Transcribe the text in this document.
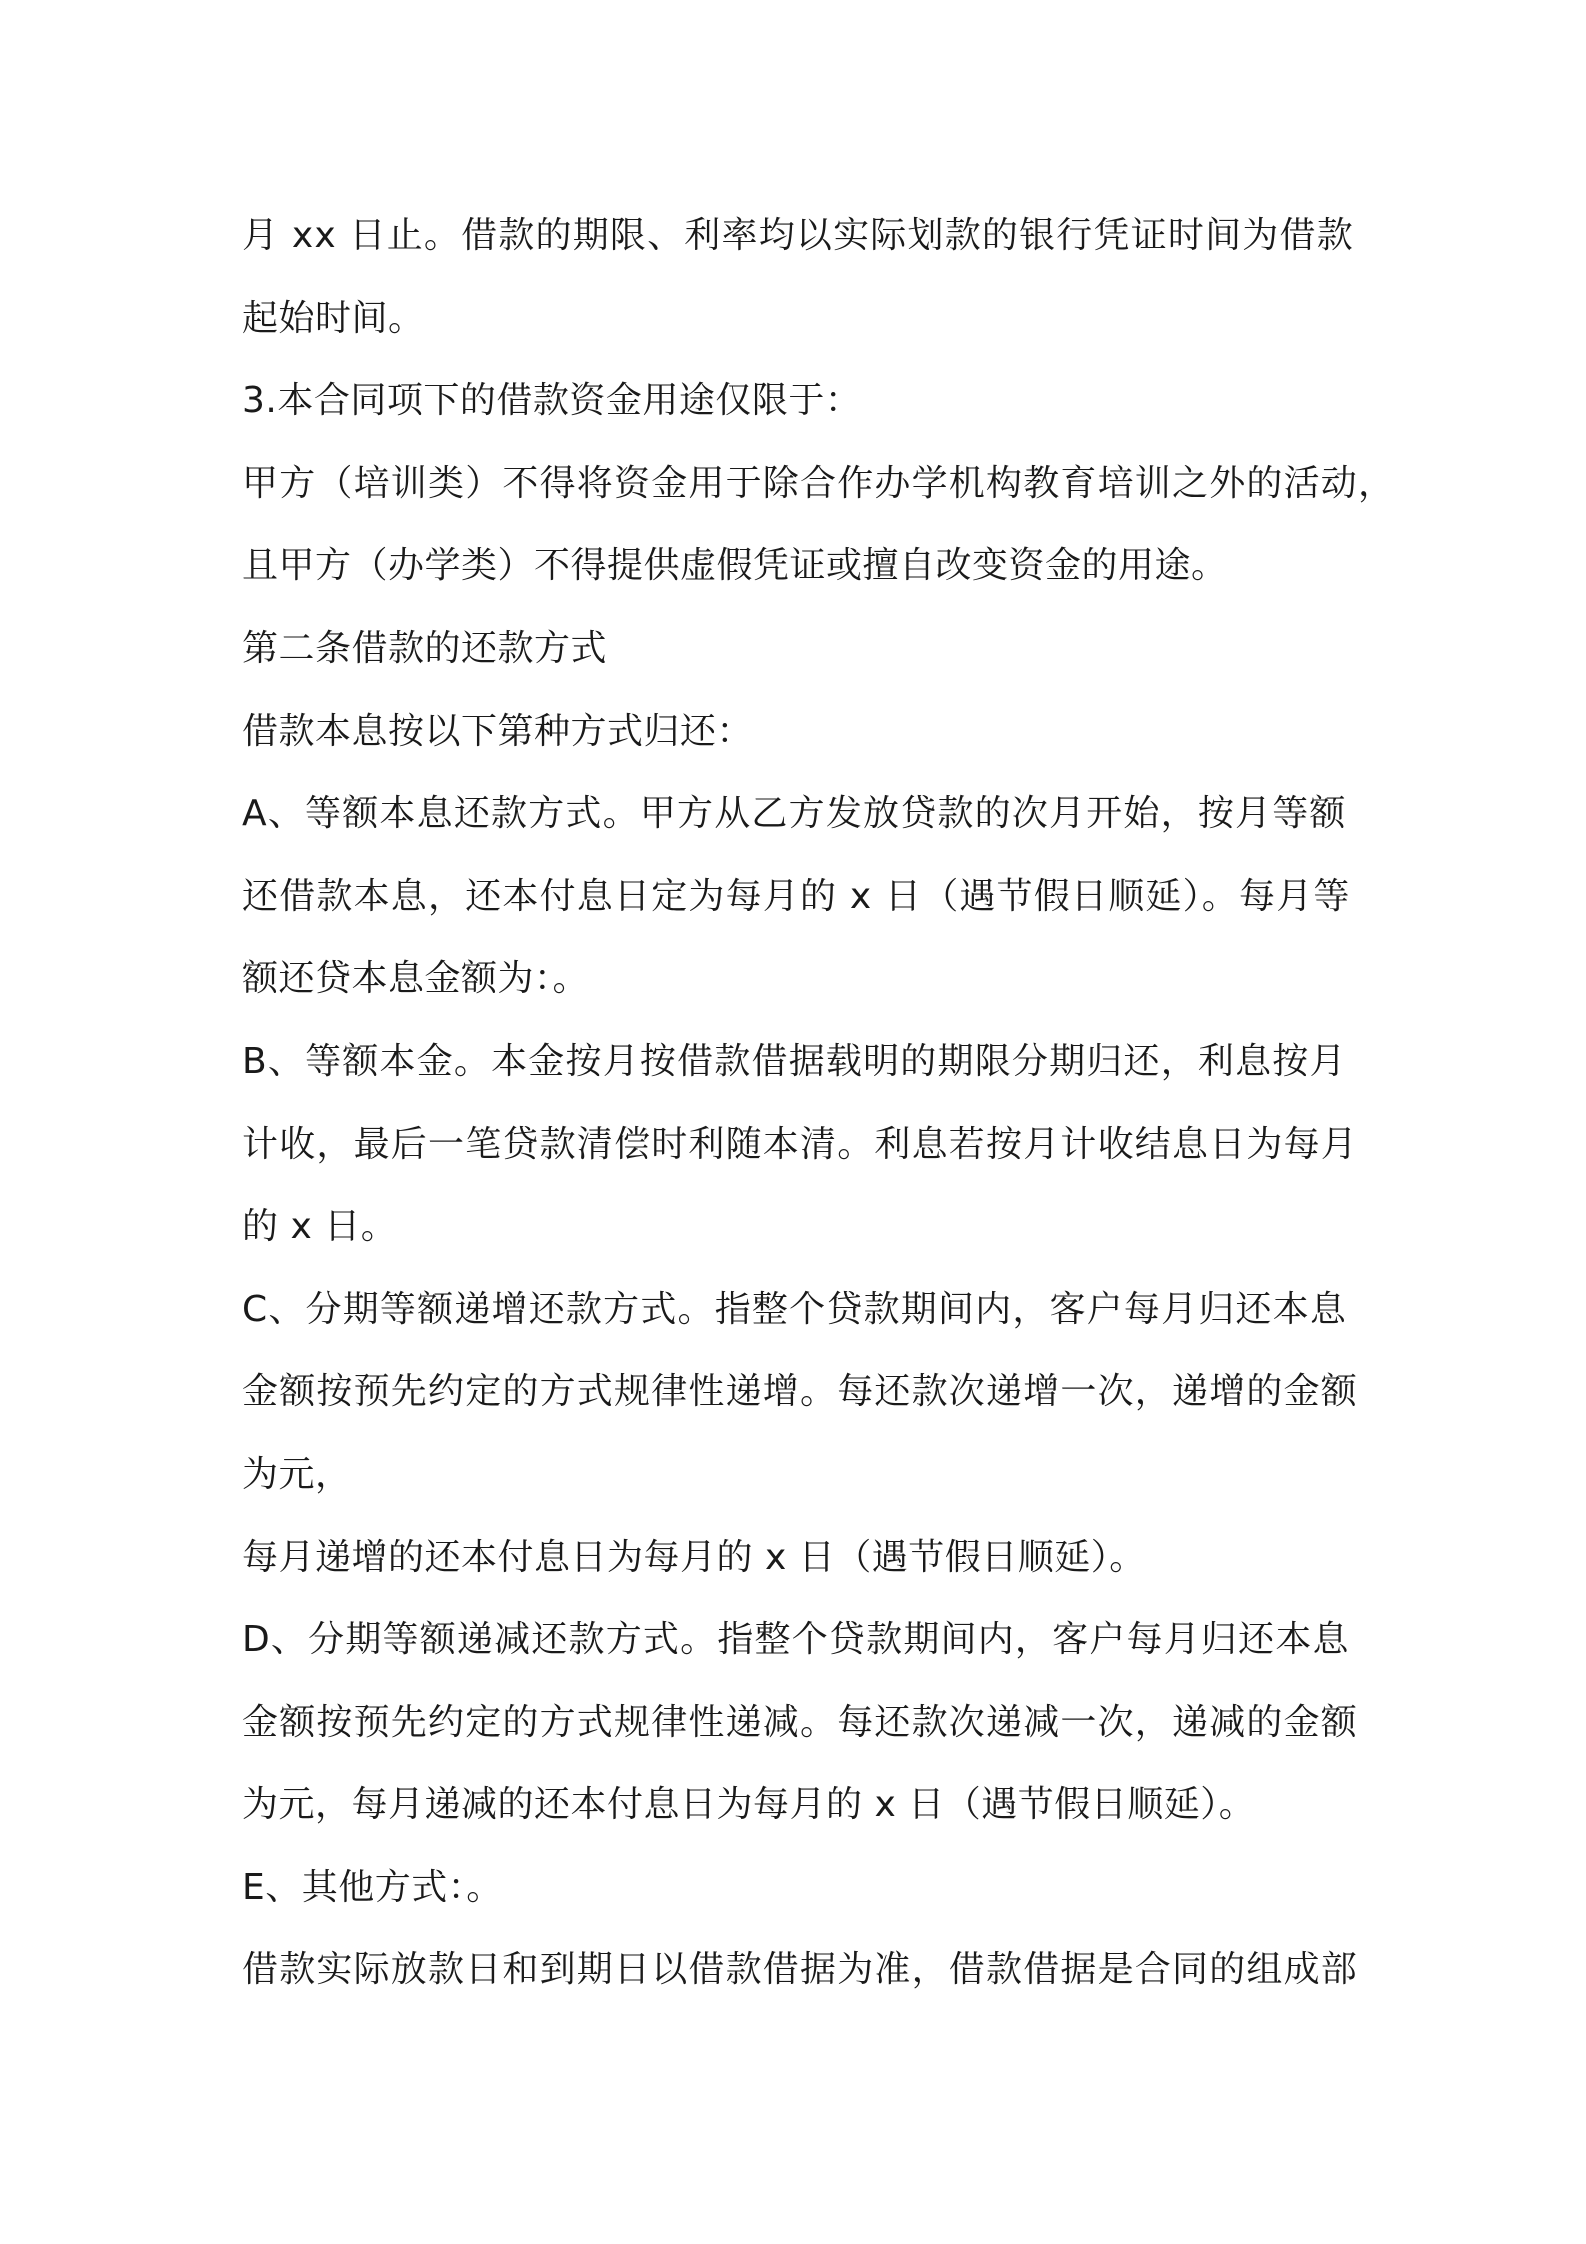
月 xx 日止。借款的期限、利率均以实际划款的银行凭证时间为借款
起始时间。
3.本合同项下的借款资金用途仅限于：
甲方（培训类）不得将资金用于除合作办学机构教育培训之外的活动，
且甲方（办学类）不得提供虚假凭证或擅自改变资金的用途。
第二条借款的还款方式
借款本息按以下第种方式归还：
A、等额本息还款方式。甲方从乙方发放贷款的次月开始，按月等额
还借款本息，还本付息日定为每月的 x 日（遇节假日顺延）。每月等
额还贷本息金额为：。
B、等额本金。本金按月按借款借据载明的期限分期归还，利息按月
计收，最后一笔贷款清偿时利随本清。利息若按月计收结息日为每月
的 x 日。
C、分期等额递增还款方式。指整个贷款期间内，客户每月归还本息
金额按预先约定的方式规律性递增。每还款次递增一次，递增的金额
为元，
每月递增的还本付息日为每月的 x 日（遇节假日顺延）。
D、分期等额递减还款方式。指整个贷款期间内，客户每月归还本息
金额按预先约定的方式规律性递减。每还款次递减一次，递减的金额
为元，每月递减的还本付息日为每月的 x 日（遇节假日顺延）。
E、其他方式：。
借款实际放款日和到期日以借款借据为准，借款借据是合同的组成部
